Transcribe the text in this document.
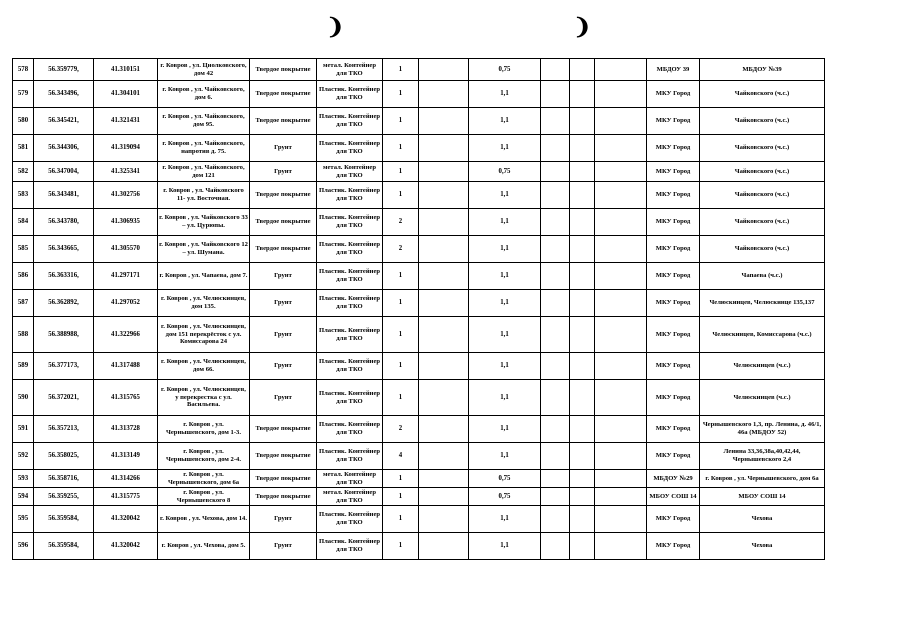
❩	❩
578	56.359779,	41.310151	г. Ковров , ул. Циолковского, дом 42	Твердое покрытие	метал. Контейнер для ТКО	1		0,75				МБДОУ 39	МБДОУ №39
579	56.343496,	41.304101	г. Ковров , ул. Чайковского, дом 6.	Твердое покрытие	Пластик. Контейнер для ТКО	1		1,1				МКУ Город	Чайковского (ч.с.)
580	56.345421,	41.321431	г. Ковров , ул. Чайковского, дом 95.	Твердое покрытие	Пластик. Контейнер для ТКО	1		1,1				МКУ Город	Чайковского (ч.с.)
581	56.344306,	41.319094	г. Ковров , ул. Чайковского, напротив д. 75.	Грунт	Пластик. Контейнер для ТКО	1		1,1				МКУ Город	Чайковского (ч.с.)
582	56.347004,	41.325341	г. Ковров , ул. Чайковского, дом 121	Грунт	метал. Контейнер для ТКО	1		0,75				МКУ Город	Чайковского (ч.с.)
583	56.343481,	41.302756	г. Ковров , ул. Чайковского 11- ул. Восточная.	Твердое покрытие	Пластик. Контейнер для ТКО	1		1,1				МКУ Город	Чайковского (ч.с.)
584	56.343780,	41.306935	г. Ковров , ул. Чайковского 33 – ул. Цурюпы.	Твердое покрытие	Пластик. Контейнер для ТКО	2		1,1				МКУ Город	Чайковского (ч.с.)
585	56.343665,	41.305570	г. Ковров , ул. Чайковского 12 – ул. Шумана.	Твердое покрытие	Пластик. Контейнер для ТКО	2		1,1				МКУ Город	Чайковского (ч.с.)
586	56.363316,	41.297171	г. Ковров , ул. Чапаева, дом 7.	Грунт	Пластик. Контейнер для ТКО	1		1,1				МКУ Город	Чапаева (ч.с.)
587	56.362892,	41.297052	г. Ковров , ул. Челюскинцев, дом 135.	Грунт	Пластик. Контейнер для ТКО	1		1,1				МКУ Город	Челюскинцев, Челюскинце 135,137
588	56.388988,	41.322966	г. Ковров , ул. Челюскинцев, дом 151 перекрёсток с ул. Комиссарова 24	Грунт	Пластик. Контейнер для ТКО	1		1,1				МКУ Город	Челюскинцев, Комиссарова (ч.с.)
589	56.377173,	41.317488	г. Ковров , ул. Челюскинцев, дом 66.	Грунт	Пластик. Контейнер для ТКО	1		1,1				МКУ Город	Челюскинцев (ч.с.)
590	56.372021,	41.315765	г. Ковров , ул. Челюскинцев, у перекрестка с ул. Васильева.	Грунт	Пластик. Контейнер для ТКО	1		1,1				МКУ Город	Челюскинцев (ч.с.)
591	56.357213,	41.313728	г. Ковров , ул. Чернышевского, дом 1-3.	Твердое покрытие	Пластик. Контейнер для ТКО	2		1,1				МКУ Город	Чернышевского 1,3, пр. Ленина, д. 46/1, 46а (МБДОУ 52)
592	56.358025,	41.313149	г. Ковров , ул. Чернышевского, дом 2-4.	Твердое покрытие	Пластик. Контейнер для ТКО	4		1,1				МКУ Город	Ленина 33,36,38а,40,42,44, Чернышевского 2,4
593	56.358716,	41.314266	г. Ковров , ул. Чернышевского, дом 6а	Твердое покрытие	метал. Контейнер для ТКО	1		0,75				МБДОУ №29	г. Ковров , ул. Чернышевского, дом 6а
594	56.359255,	41.315775	г. Ковров , ул. Чернышевского 8	Твердое покрытие	метал. Контейнер для ТКО	1		0,75				МБОУ СОШ 14	МБОУ СОШ 14
595	56.359584,	41.320042	г. Ковров , ул. Чехова, дом 14.	Грунт	Пластик. Контейнер для ТКО	1		1,1				МКУ Город	Чехова
596	56.359584,	41.320042	г. Ковров , ул. Чехова, дом 5.	Грунт	Пластик. Контейнер для ТКО	1		1,1				МКУ Город	Чехова
